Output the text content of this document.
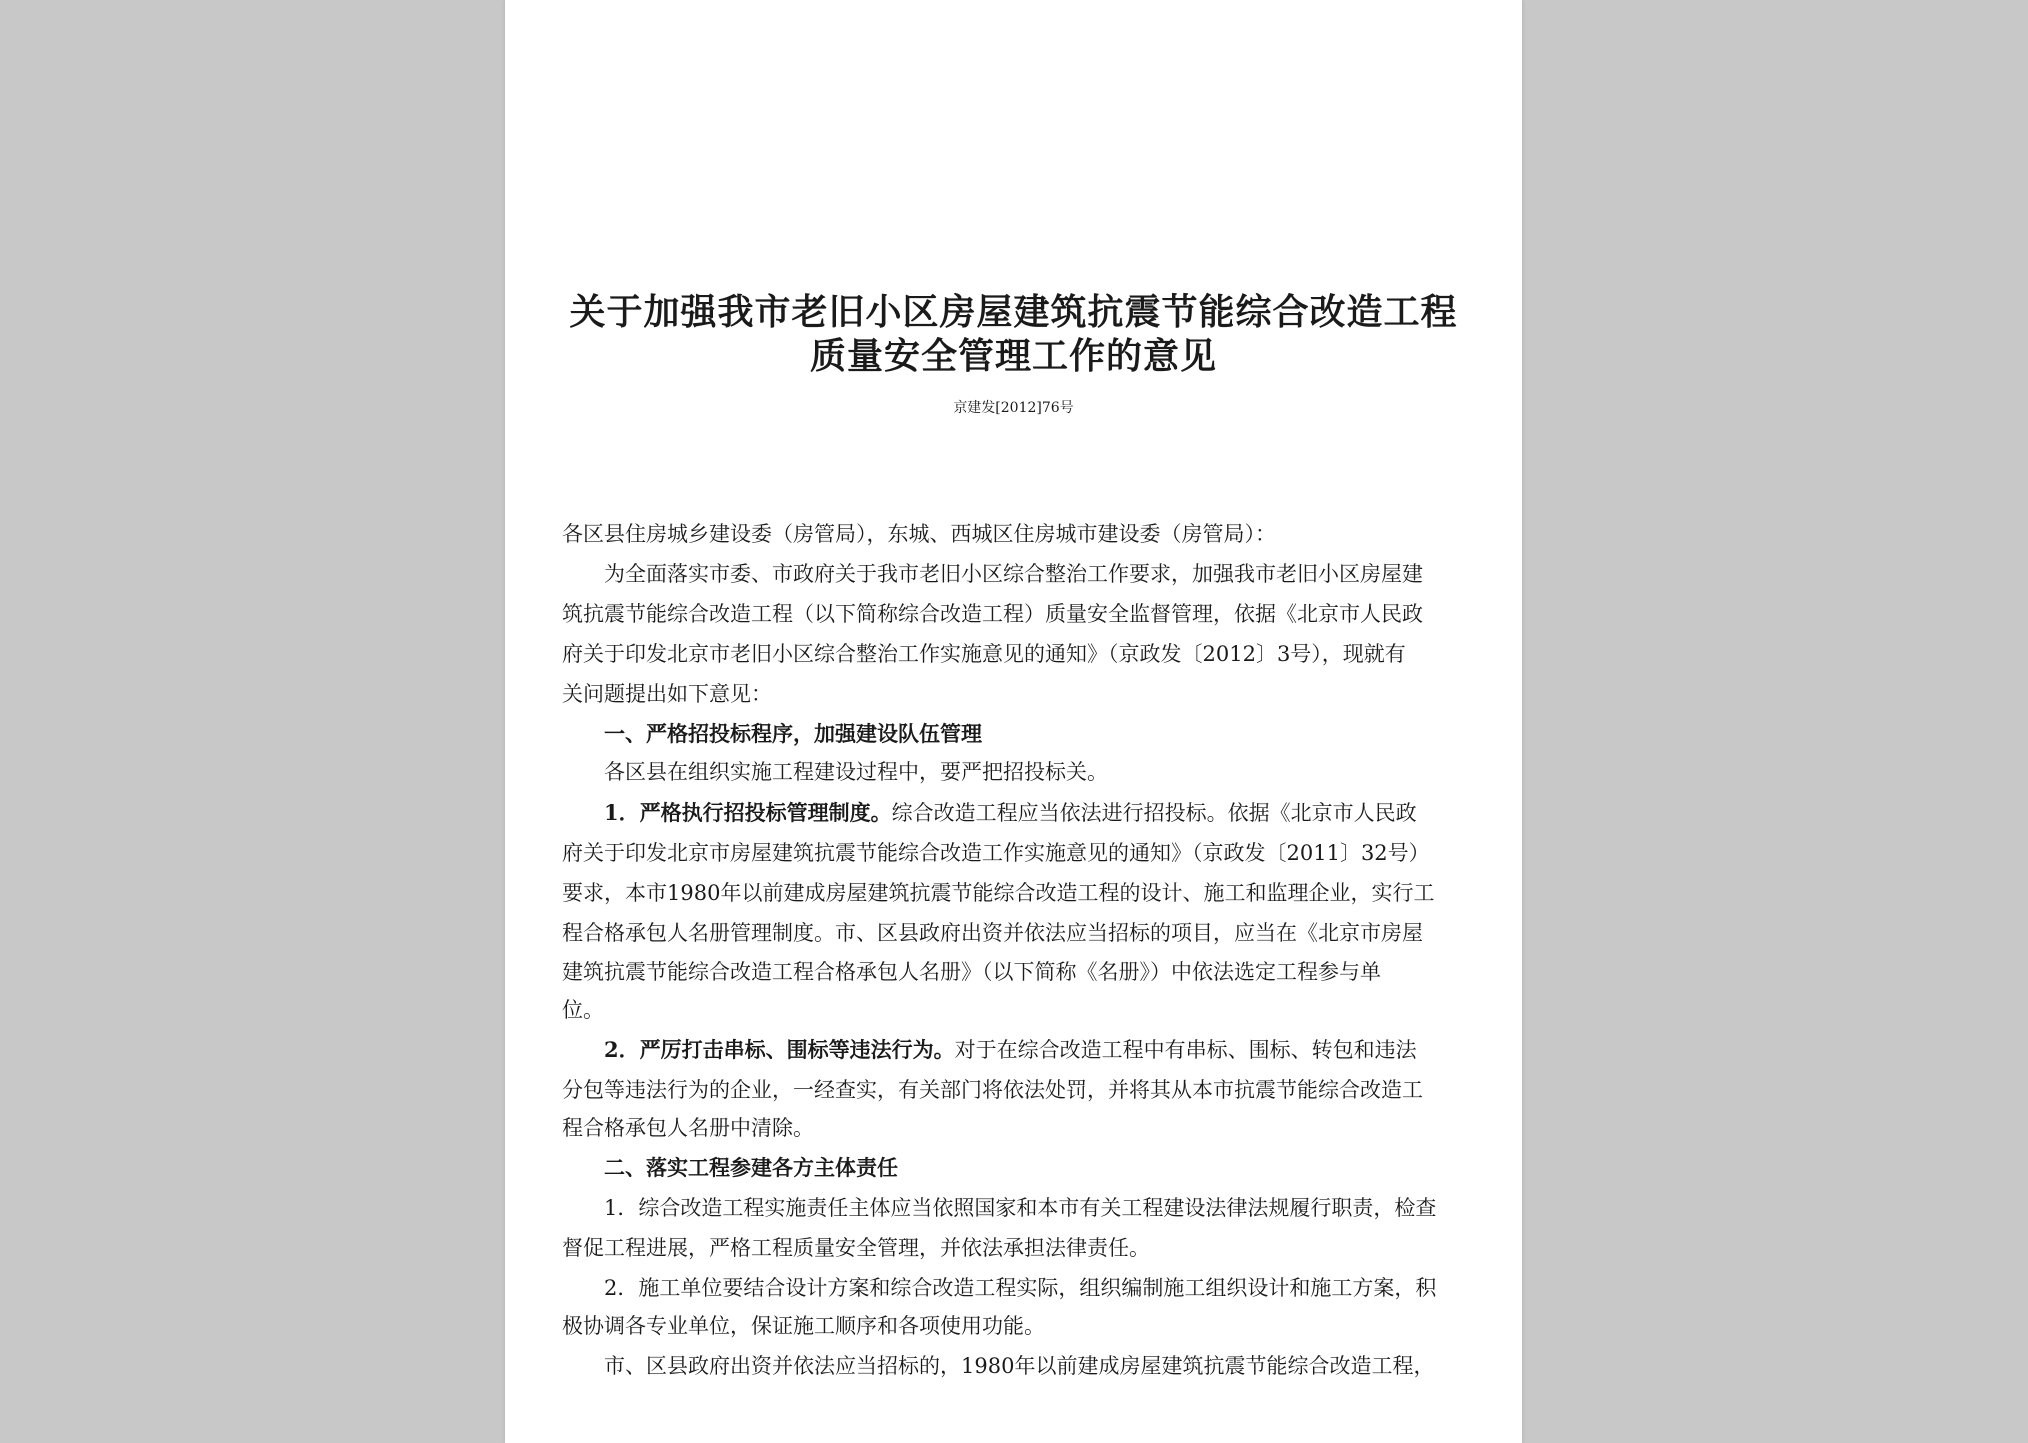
关于加强我市老旧小区房屋建筑抗震节能综合改造工程
质量安全管理工作的意见
京建发[2012]76号
各区县住房城乡建设委（房管局），东城、西城区住房城市建设委（房管局）：
为全面落实市委、市政府关于我市老旧小区综合整治工作要求，加强我市老旧小区房屋建
筑抗震节能综合改造工程（以下简称综合改造工程）质量安全监督管理，依据《北京市人民政
府关于印发北京市老旧小区综合整治工作实施意见的通知》（京政发〔2012〕3号），现就有
关问题提出如下意见：
一、严格招投标程序，加强建设队伍管理
各区县在组织实施工程建设过程中，要严把招投标关。
1．严格执行招投标管理制度。综合改造工程应当依法进行招投标。依据《北京市人民政
府关于印发北京市房屋建筑抗震节能综合改造工作实施意见的通知》（京政发〔2011〕32号）
要求，本市1980年以前建成房屋建筑抗震节能综合改造工程的设计、施工和监理企业，实行工
程合格承包人名册管理制度。市、区县政府出资并依法应当招标的项目，应当在《北京市房屋
建筑抗震节能综合改造工程合格承包人名册》（以下简称《名册》）中依法选定工程参与单
位。
2．严厉打击串标、围标等违法行为。对于在综合改造工程中有串标、围标、转包和违法
分包等违法行为的企业，一经查实，有关部门将依法处罚，并将其从本市抗震节能综合改造工
程合格承包人名册中清除。
二、落实工程参建各方主体责任
1．综合改造工程实施责任主体应当依照国家和本市有关工程建设法律法规履行职责，检查
督促工程进展，严格工程质量安全管理，并依法承担法律责任。
2．施工单位要结合设计方案和综合改造工程实际，组织编制施工组织设计和施工方案，积
极协调各专业单位，保证施工顺序和各项使用功能。
市、区县政府出资并依法应当招标的，1980年以前建成房屋建筑抗震节能综合改造工程，
